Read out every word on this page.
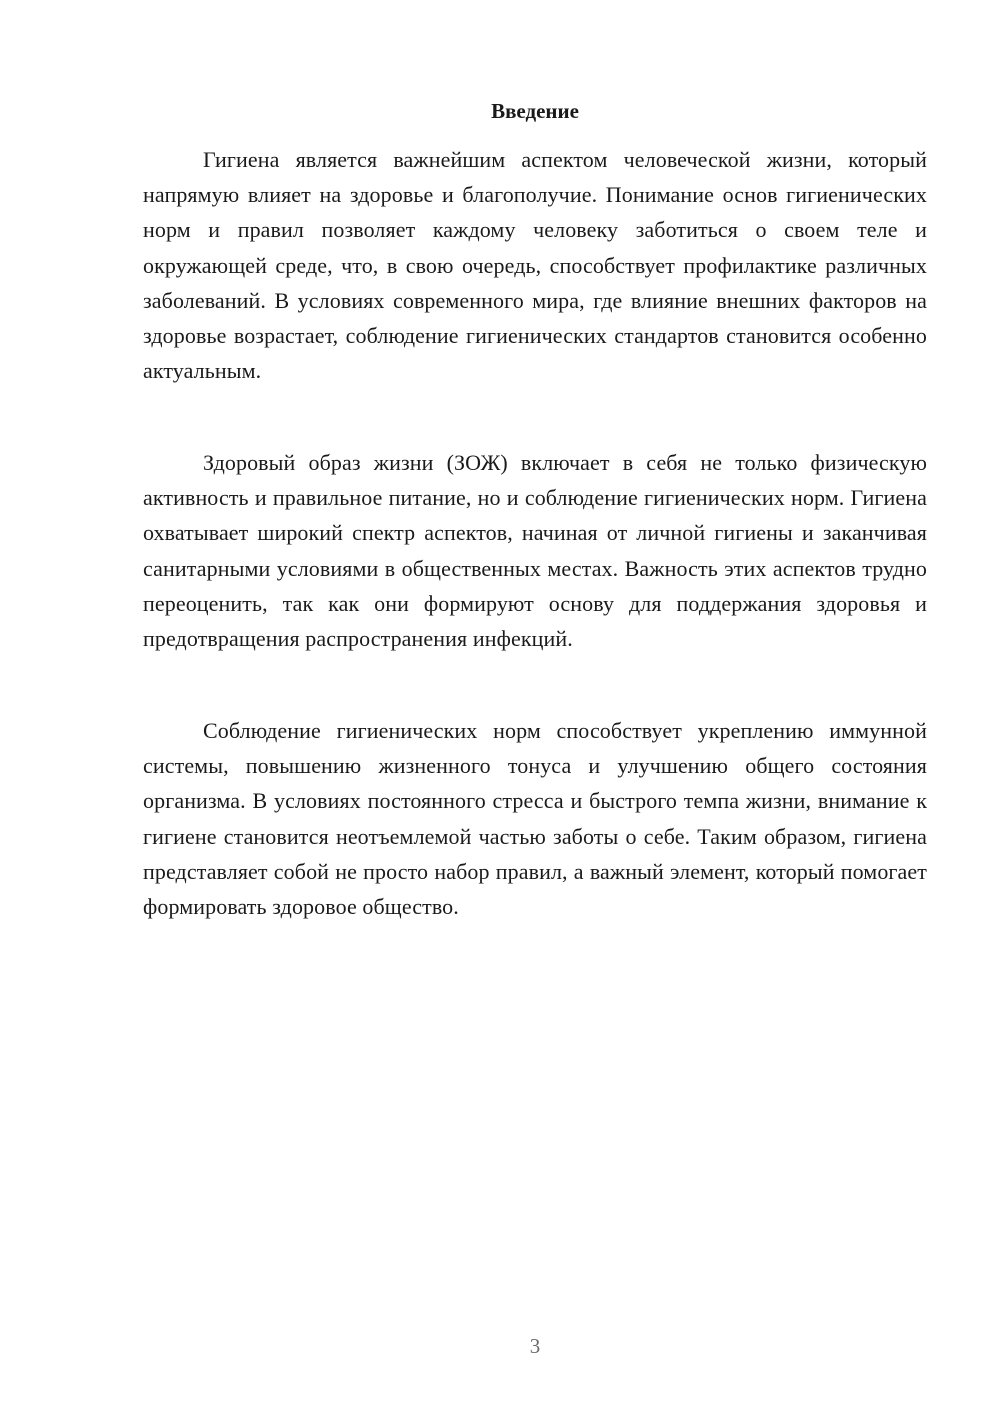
Введение

Гигиена является важнейшим аспектом человеческой жизни, который напрямую влияет на здоровье и благополучие. Понимание основ гигиенических норм и правил позволяет каждому человеку заботиться о своем теле и окружающей среде, что, в свою очередь, способствует профилактике различных заболеваний. В условиях современного мира, где влияние внешних факторов на здоровье возрастает, соблюдение гигиенических стандартов становится особенно актуальным.

Здоровый образ жизни (ЗОЖ) включает в себя не только физическую активность и правильное питание, но и соблюдение гигиенических норм. Гигиена охватывает широкий спектр аспектов, начиная от личной гигиены и заканчивая санитарными условиями в общественных местах. Важность этих аспектов трудно переоценить, так как они формируют основу для поддержания здоровья и предотвращения распространения инфекций.

Соблюдение гигиенических норм способствует укреплению иммунной системы, повышению жизненного тонуса и улучшению общего состояния организма. В условиях постоянного стресса и быстрого темпа жизни, внимание к гигиене становится неотъемлемой частью заботы о себе. Таким образом, гигиена представляет собой не просто набор правил, а важный элемент, который помогает формировать здоровое общество.

3
